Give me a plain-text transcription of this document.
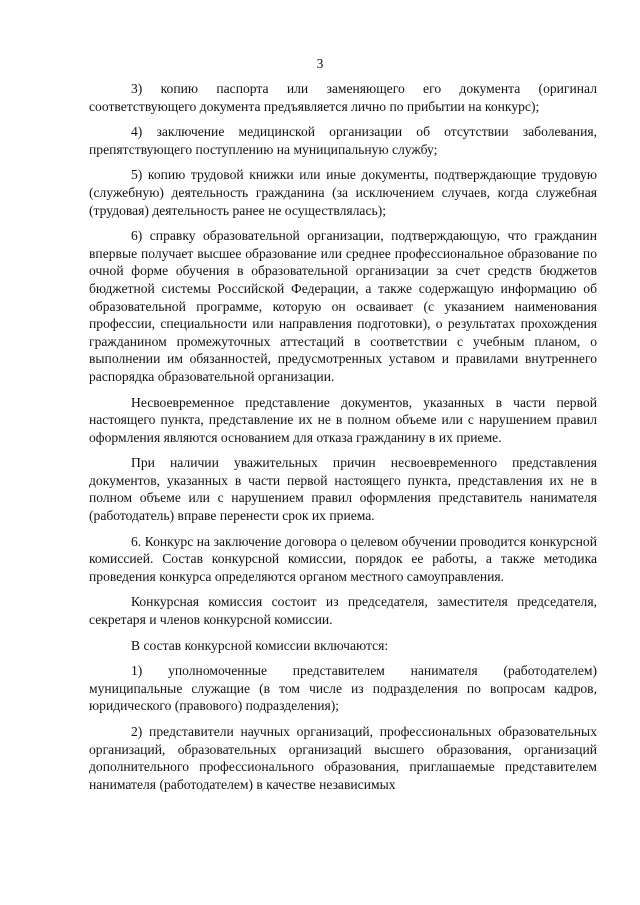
3

3) копию паспорта или заменяющего его документа (оригинал соответствующего документа предъявляется лично по прибытии на конкурс);

4) заключение медицинской организации об отсутствии заболевания, препятствующего поступлению на муниципальную службу;

5) копию трудовой книжки или иные документы, подтверждающие трудовую (служебную) деятельность гражданина (за исключением случаев, когда служебная (трудовая) деятельность ранее не осуществлялась);

6) справку образовательной организации, подтверждающую, что гражданин впервые получает высшее образование или среднее профессиональное образование по очной форме обучения в образовательной организации за счет средств бюджетов бюджетной системы Российской Федерации, а также содержащую информацию об образовательной программе, которую он осваивает (с указанием наименования профессии, специальности или направления подготовки), о результатах прохождения гражданином промежуточных аттестаций в соответствии с учебным планом, о выполнении им обязанностей, предусмотренных уставом и правилами внутреннего распорядка образовательной организации.

Несвоевременное представление документов, указанных в части первой настоящего пункта, представление их не в полном объеме или с нарушением правил оформления являются основанием для отказа гражданину в их приеме.

При наличии уважительных причин несвоевременного представления документов, указанных в части первой настоящего пункта, представления их не в полном объеме или с нарушением правил оформления представитель нанимателя (работодатель) вправе перенести срок их приема.

6. Конкурс на заключение договора о целевом обучении проводится конкурсной комиссией. Состав конкурсной комиссии, порядок ее работы, а также методика проведения конкурса определяются органом местного самоуправления.

Конкурсная комиссия состоит из председателя, заместителя председателя, секретаря и членов конкурсной комиссии.

В состав конкурсной комиссии включаются:

1) уполномоченные представителем нанимателя (работодателем) муниципальные служащие (в том числе из подразделения по вопросам кадров, юридического (правового) подразделения);

2) представители научных организаций, профессиональных образовательных организаций, образовательных организаций высшего образования, организаций дополнительного профессионального образования, приглашаемые представителем нанимателя (работодателем) в качестве независимых
